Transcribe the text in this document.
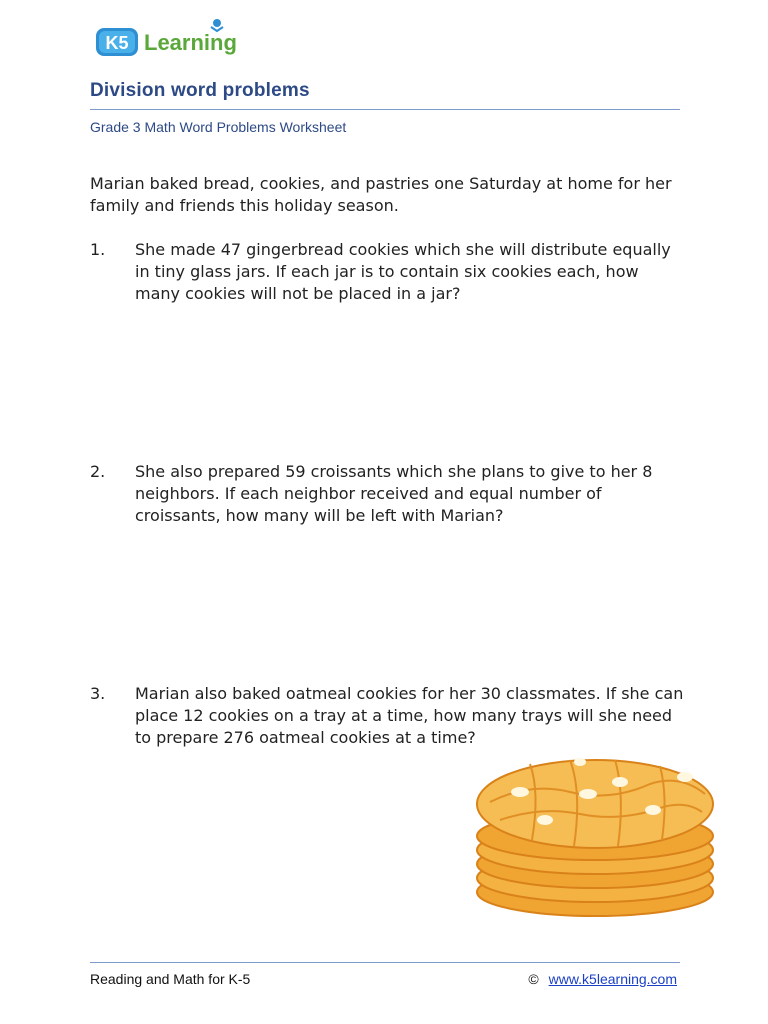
K5 Learning
Division word problems
Grade 3 Math Word Problems Worksheet
Marian baked bread, cookies, and pastries one Saturday at home for her family and friends this holiday season.
1.	She made 47 gingerbread cookies which she will distribute equally in tiny glass jars. If each jar is to contain six cookies each, how many cookies will not be placed in a jar?
2.	She also prepared 59 croissants which she plans to give to her 8 neighbors. If each neighbor received and equal number of croissants, how many will be left with Marian?
3.	Marian also baked oatmeal cookies for her 30 classmates. If she can place 12 cookies on a tray at a time, how many trays will she need to prepare 276 oatmeal cookies at a time?
Reading and Math for K-5	© www.k5learning.com
